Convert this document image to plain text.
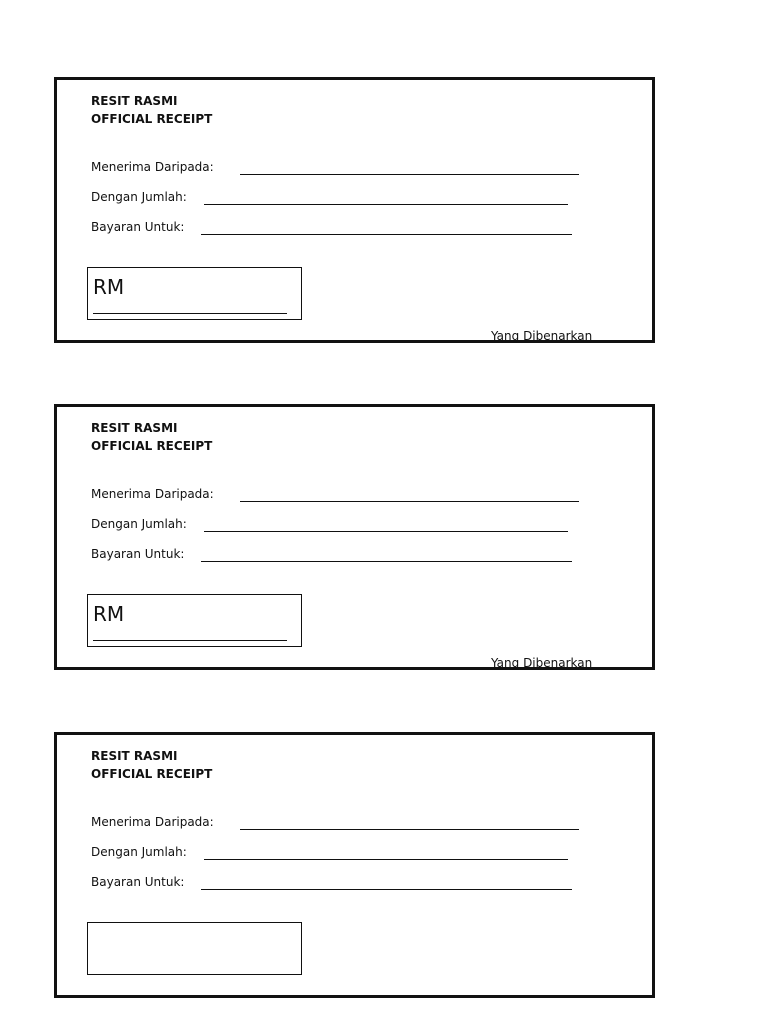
RESIT RASMI
OFFICIAL RECEIPT
Menerima Daripada:
Dengan Jumlah:
Bayaran Untuk:
RM
Yang Dibenarkan
RESIT RASMI
OFFICIAL RECEIPT
Menerima Daripada:
Dengan Jumlah:
Bayaran Untuk:
RM
Yang Dibenarkan
RESIT RASMI
OFFICIAL RECEIPT
Menerima Daripada:
Dengan Jumlah:
Bayaran Untuk:
